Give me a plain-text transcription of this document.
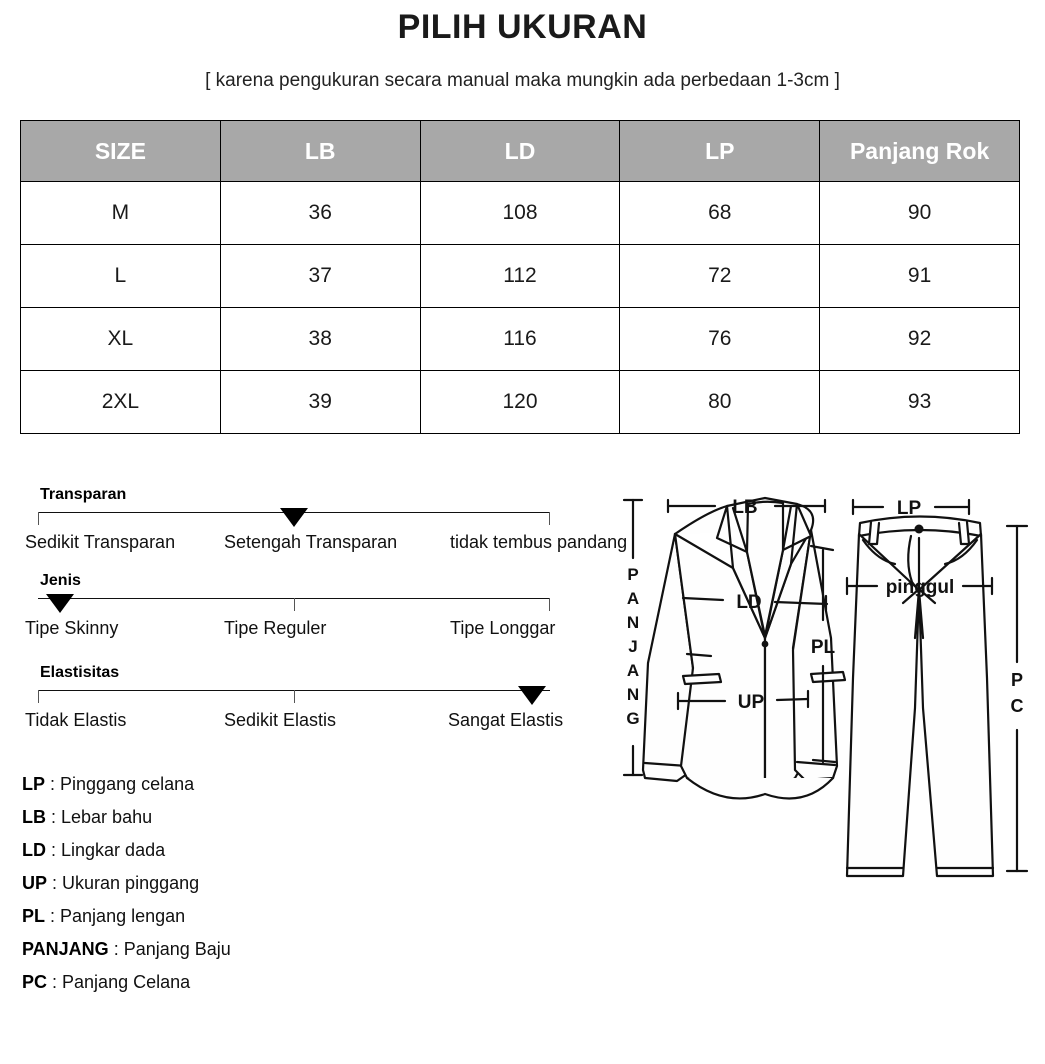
PILIH UKURAN
[ karena pengukuran secara manual maka mungkin ada perbedaan 1-3cm ]
SIZE	LB	LD	LP	Panjang Rok
M	36	108	68	90
L	37	112	72	91
XL	38	116	76	92
2XL	39	120	80	93
Transparan
Sedikit Transparan	Setengah Transparan	tidak tembus pandang
Jenis
Tipe Skinny	Tipe Reguler	Tipe Longgar
Elastisitas
Tidak Elastis	Sedikit Elastis	Sangat Elastis
LP : Pinggang celana
LB : Lebar bahu
LD : Lingkar dada
UP : Ukuran pinggang
PL : Panjang lengan
PANJANG : Panjang Baju
PC : Panjang Celana
LB
P
A
N
J
A
N
G
LD
PL
UP
LP
pinggul
P
C
